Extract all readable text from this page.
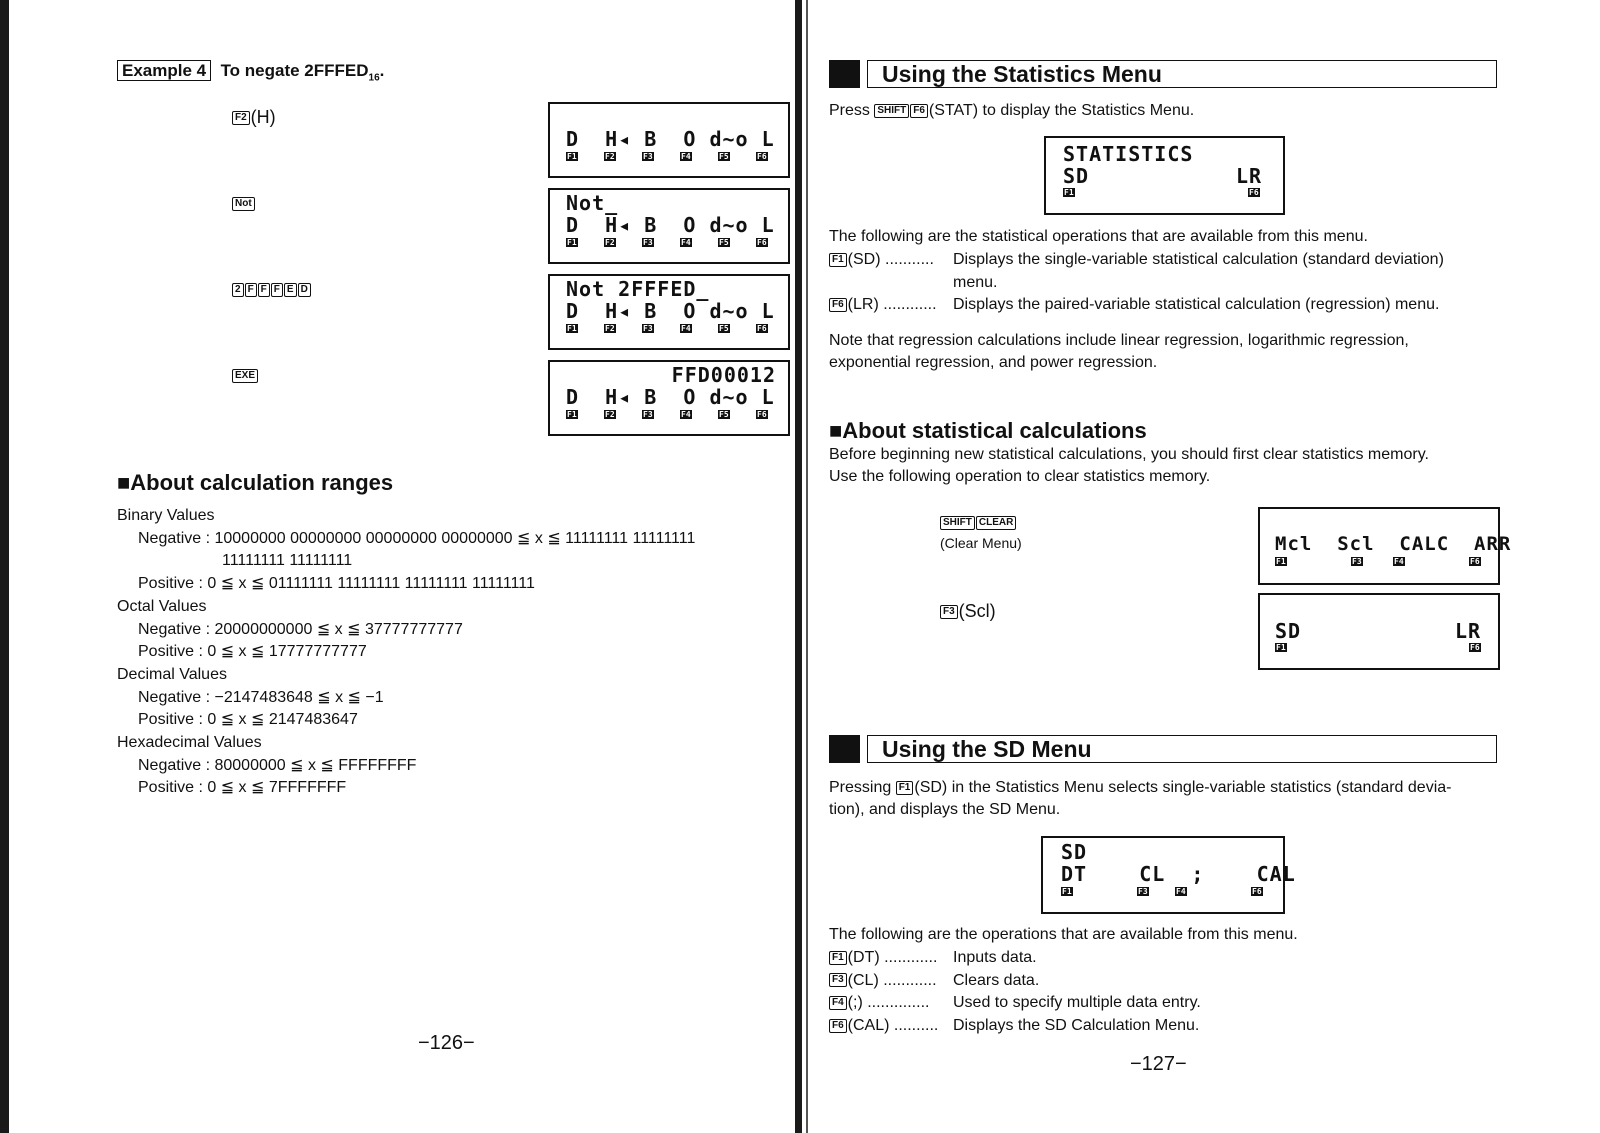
Example 4 To negate $2FFFED_{16}$.
F2 (H)
D  H◂ B  O d~o L
F1	F2	F3	F4	F5	F6
Not	Not_
D  H◂ B  O d~o L
F1	F2	F3	F4	F5	F6
2 F F F E D	Not 2FFFED_
D  H◂ B  O d~o L
F1	F2	F3	F4	F5	F6
EXE	FFD00012
D  H◂ B  O d~o L
F1	F2	F3	F4	F5	F6
■About calculation ranges
Binary Values
Negative : 10000000 00000000 00000000 00000000 ≦ x ≦ 11111111 11111111
11111111 11111111
Positive : 0 ≦ x ≦ 01111111 11111111 11111111 11111111
Octal Values
Negative : 20000000000 ≦ x ≦ 37777777777
Positive : 0 ≦ x ≦ 17777777777
Decimal Values
Negative : −2147483648 ≦ x ≦ −1
Positive : 0 ≦ x ≦ 2147483647
Hexadecimal Values
Negative : 80000000 ≦ x ≦ FFFFFFFF
Positive : 0 ≦ x ≦ 7FFFFFFF
−126−
Using the Statistics Menu
Press SHIFT F6 (STAT) to display the Statistics Menu.
STATISTICS
SD	LR
F1	F6
The following are the statistical operations that are available from this menu.
F1 (SD) ........... Displays the single-variable statistical calculation (standard deviation)
menu.
F6 (LR) ............ Displays the paired-variable statistical calculation (regression) menu.
Note that regression calculations include linear regression, logarithmic regression,
exponential regression, and power regression.
■About statistical calculations
Before beginning new statistical calculations, you should first clear statistics memory.
Use the following operation to clear statistics memory.
SHIFT CLEAR
(Clear Menu)	Mcl  Scl  CALC  ARR
F1	F3	F4	F6
F3 (Scl)
SD	LR
F1	F6
Using the SD Menu
Pressing F1 (SD) in the Statistics Menu selects single-variable statistics (standard devia-
tion), and displays the SD Menu.
SD
DT    CL  ;    CAL
F1	F3	F4	F6
The following are the operations that are available from this menu.
F1 (DT) ............ Inputs data.
F3 (CL) ............ Clears data.
F4 (;) .............. Used to specify multiple data entry.
F6 (CAL) .......... Displays the SD Calculation Menu.
−127−
